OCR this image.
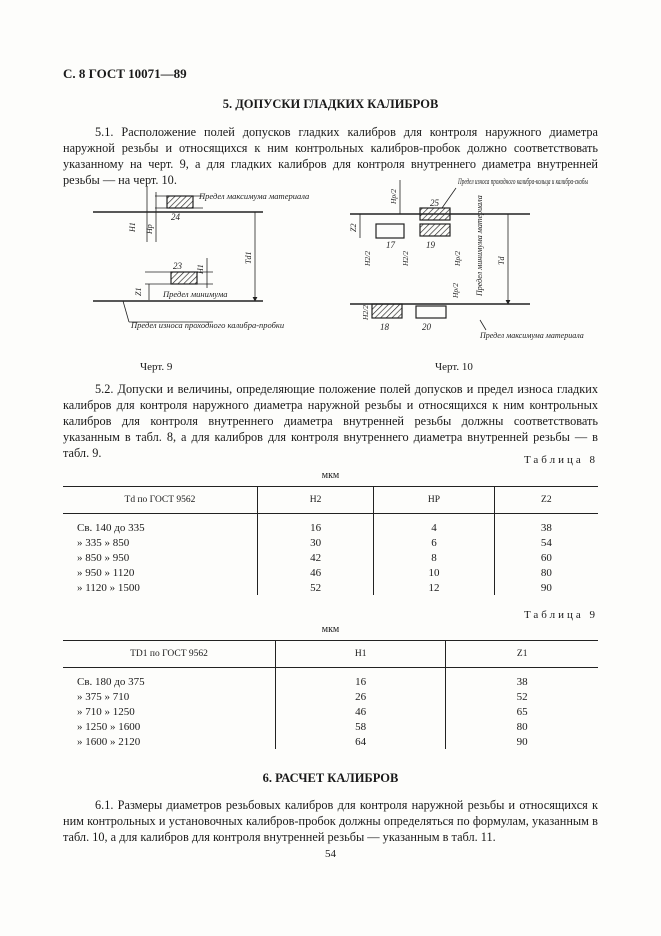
С. 8 ГОСТ 10071—89
5. ДОПУСКИ ГЛАДКИХ КАЛИБРОВ
5.1. Расположение полей допусков гладких калибров для контроля наружного диаметра наружной резьбы и относящихся к ним контрольных калибров-пробок должно соответствовать указанному на черт. 9, а для гладких калибров для контроля внутреннего диаметра внутренней резьбы — на черт. 10.
24
H1 Hp
Предел максимума материала
23 H1
Z1 Предел минимума
Td1
Предел износа проходного калибра-пробки
Черт. 9
17	19
25
18	20
Z2
Hp/2
H2/2	H2/2	Hp/2
H2/2
Hp/2
Td
Предел износа проходного калибра-кольца и калибра-скобы
Предел минимума материала
Предел максимума материала
Черт. 10
5.2. Допуски и величины, определяющие положение полей допусков и предел износа гладких калибров для контроля наружного диаметра наружной резьбы и относящихся к ним контрольных калибров для контроля внутреннего диаметра внутренней резьбы должны соответствовать указанным в табл. 8, а для калибров для контроля внутреннего диаметра внутренней резьбы — в табл. 9.	Таблица 8
мкм
Td по ГОСТ 9562	H2	HP	Z2
Св. 140 до 335	16	4	38
» 335 » 850	30	6	54
» 850 » 950	42	8	60
» 950 » 1120	46	10	80
» 1120 » 1500	52	12	90
Таблица 9
мкм
TD1 по ГОСТ 9562	H1	Z1
Св. 180 до 375	16	38
» 375 » 710	26	52
» 710 » 1250	46	65
» 1250 » 1600	58	80
» 1600 » 2120	64	90
6. РАСЧЕТ КАЛИБРОВ
6.1. Размеры диаметров резьбовых калибров для контроля наружной резьбы и относящихся к ним контрольных и установочных калибров-пробок должны определяться по формулам, указанным в табл. 10, а для калибров для контроля внутренней резьбы — указанным в табл. 11.
54
